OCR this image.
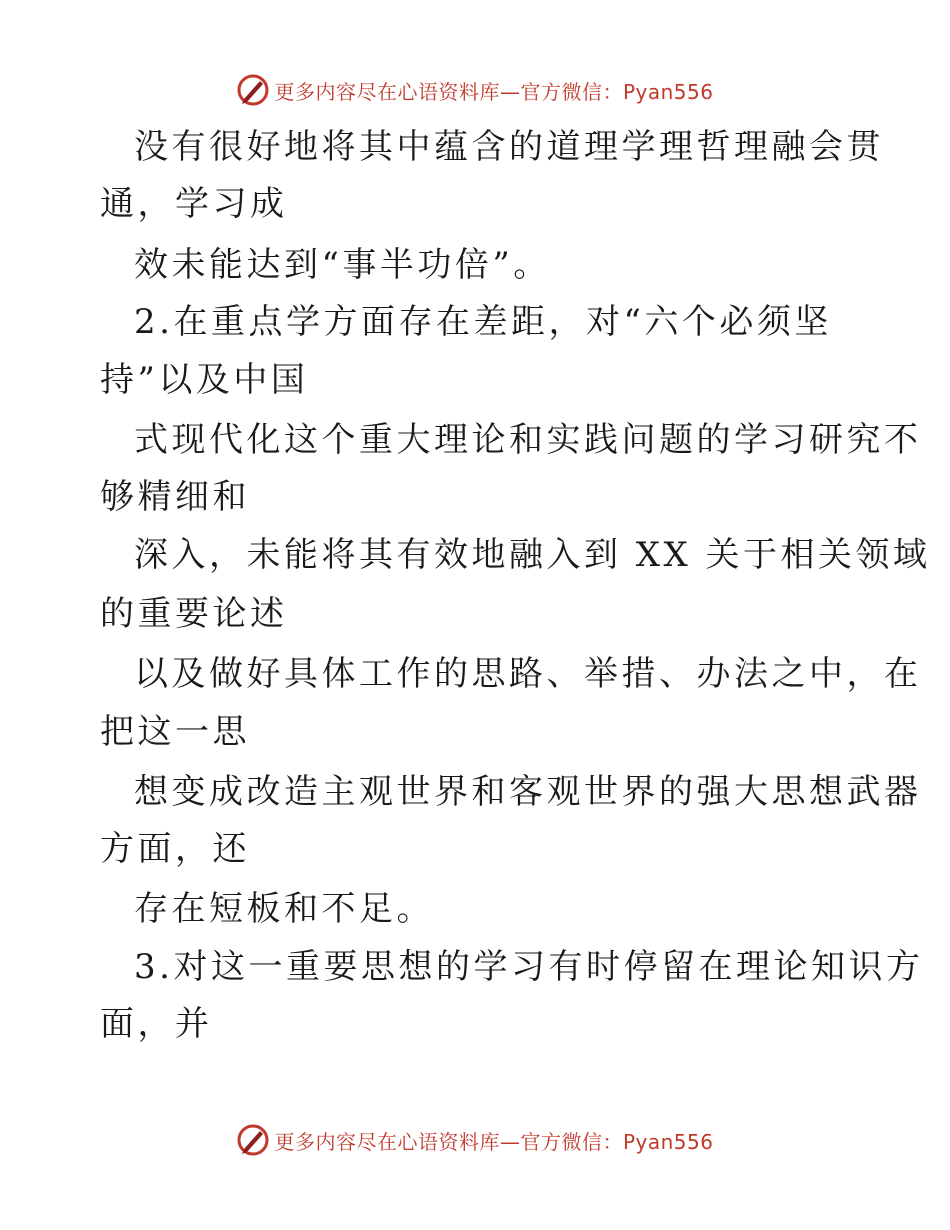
更多内容尽在心语资料库—官方微信：Pyan556
没有很好地将其中蕴含的道理学理哲理融会贯
通，学习成
效未能达到“事半功倍”。
2.在重点学方面存在差距，对“六个必须坚
持”以及中国
式现代化这个重大理论和实践问题的学习研究不
够精细和
深入，未能将其有效地融入到 XX 关于相关领域
的重要论述
以及做好具体工作的思路、举措、办法之中，在
把这一思
想变成改造主观世界和客观世界的强大思想武器
方面，还
存在短板和不足。
3.对这一重要思想的学习有时停留在理论知识方
面，并
更多内容尽在心语资料库—官方微信：Pyan556
